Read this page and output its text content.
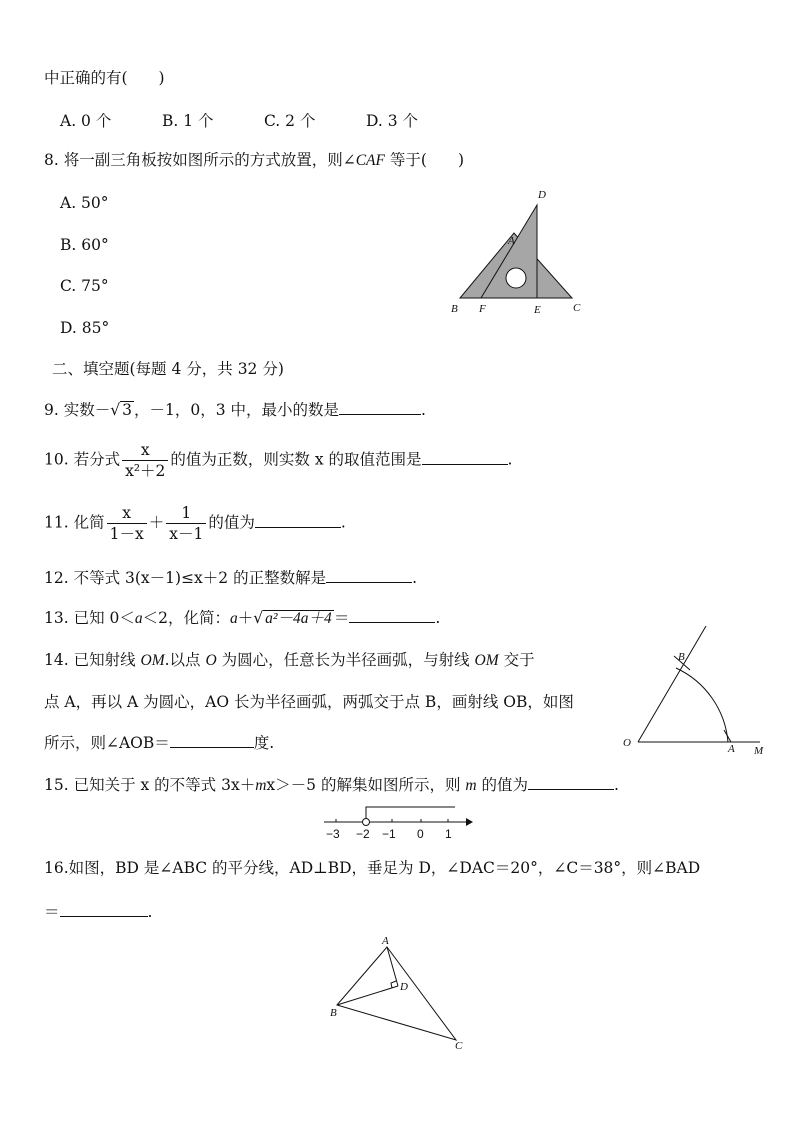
中正确的有(　　)
A. 0 个	B. 1 个	C. 2 个	D. 3 个
8. 将一副三角板按如图所示的方式放置，则∠CAF 等于(　　)
A. 50°
B. 60°
C. 75°
D. 85°
D
A
B F	E	C
二、填空题(每题 4 分，共 32 分)
9. 实数－√ 3 ，－1，0，3 中，最小的数是	.
10. 若分式 $\frac{x}{\text{x²＋2}}$ 的值为正数，则实数 x 的取值范围是	.
11. 化简 $\frac{x}{1-x} + \frac{1}{x-1}$ 的值为	.
12. 不等式 3(x－1)≤x＋2 的正整数解是	.
13. 已知 0＜a＜2，化简：a＋√ a²－4a＋4 ＝	.
14. 已知射线 OM.以点 O 为圆心，任意长为半径画弧，与射线 OM 交于
点 A，再以 A 为圆心，AO 长为半径画弧，两弧交于点 B，画射线 OB，如图
所示，则∠AOB＝	度.
B
O	A M
15. 已知关于 x 的不等式 3x＋mx＞－5 的解集如图所示，则 m 的值为	.
−3 −2 −1 0 1
16.如图，BD 是∠ABC 的平分线，AD⊥BD，垂足为 D，∠DAC＝20°，∠C＝38°，则∠BAD
＝	.
A
D
B
C
